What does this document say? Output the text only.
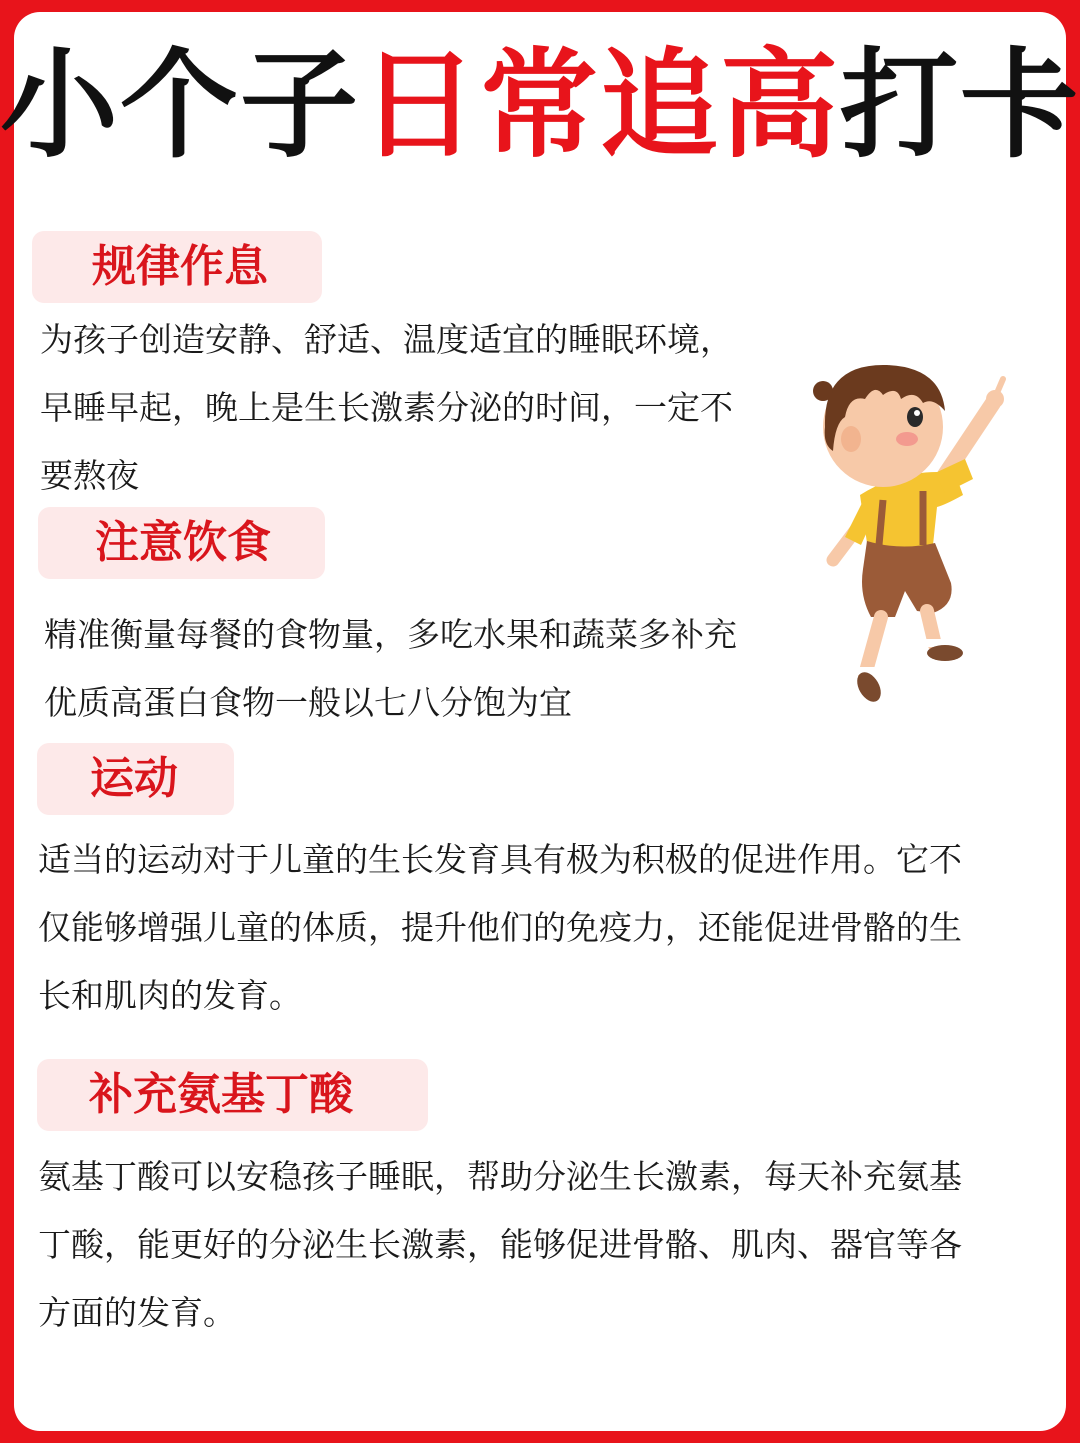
小个子日常追高打卡
规律作息
为孩子创造安静、舒适、温度适宜的睡眠环境，
早睡早起，晚上是生长激素分泌的时间，一定不
要熬夜
注意饮食
精准衡量每餐的食物量，多吃水果和蔬菜多补充
优质高蛋白食物一般以七八分饱为宜
运动
适当的运动对于儿童的生长发育具有极为积极的促进作用。它不
仅能够增强儿童的体质，提升他们的免疫力，还能促进骨骼的生
长和肌肉的发育。
补充氨基丁酸
氨基丁酸可以安稳孩子睡眠，帮助分泌生长激素，每天补充氨基
丁酸，能更好的分泌生长激素，能够促进骨骼、肌肉、器官等各
方面的发育。
